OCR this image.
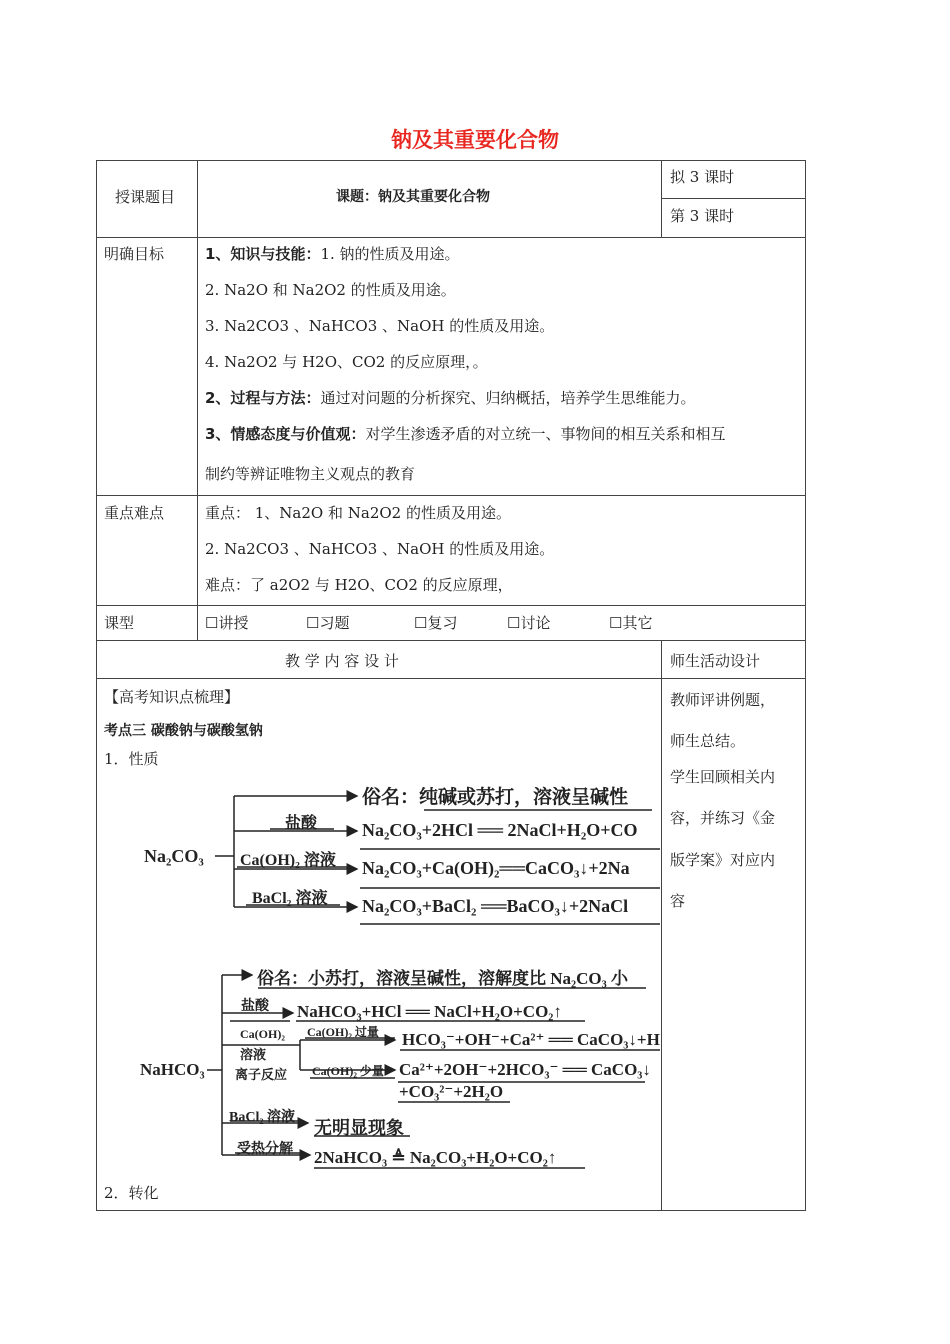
钠及其重要化合物
授课题目	课题：钠及其重要化合物
拟 3 课时
第 3 课时
明确目标	1、知识与技能：1. 钠的性质及用途。
2. Na2O 和 Na2O2 的性质及用途。
3. Na2CO3 、NaHCO3 、NaOH 的性质及用途。
4. Na2O2 与 H2O、CO2 的反应原理，。
2、过程与方法：通过对问题的分析探究、归纳概括，培养学生思维能力。
3、情感态度与价值观：对学生渗透矛盾的对立统一、事物间的相互关系和相互
制约等辨证唯物主义观点的教育
重点难点	重点： 1、Na2O 和 Na2O2 的性质及用途。
2. Na2CO3 、NaHCO3 、NaOH 的性质及用途。
难点：了 a2O2 与 H2O、CO2 的反应原理，
课型	☐讲授	☐习题	☐复习	☐讨论	☐其它
教 学 内 容 设 计	师生活动设计
【高考知识点梳理】
考点三 碳酸钠与碳酸氢钠
1．性质
2．转化
教师评讲例题，
师生总结。
学生回顾相关内
容，并练习《金
版学案》对应内
容
Na₂CO₃
俗名：纯碱或苏打，溶液呈碱性
盐酸 Na₂CO₃+2HCl ══ 2NaCl+H₂O+CO
Ca(OH)₂ 溶液 Na₂CO₃+Ca(OH)₂══CaCO₃↓+2Na
BaCl₂ 溶液 Na₂CO₃+BaCl₂ ══BaCO₃↓+2NaCl
NaHCO₃
俗名：小苏打，溶液呈碱性，溶解度比 Na₂CO₃ 小
盐酸 NaHCO₃+HCl ══ NaCl+H₂O+CO₂↑
Ca(OH)₂
溶液
离子反应
Ca(OH)₂ 过量 HCO₃⁻+OH⁻+Ca²⁺ ══ CaCO₃↓+H
Ca(OH)₂ 少量 Ca²⁺+2OH⁻+2HCO₃⁻ ══ CaCO₃↓
+CO₃²⁻+2H₂O
BaCl₂ 溶液
无明显现象
受热分解 2NaHCO₃ ≜ Na₂CO₃+H₂O+CO₂↑
